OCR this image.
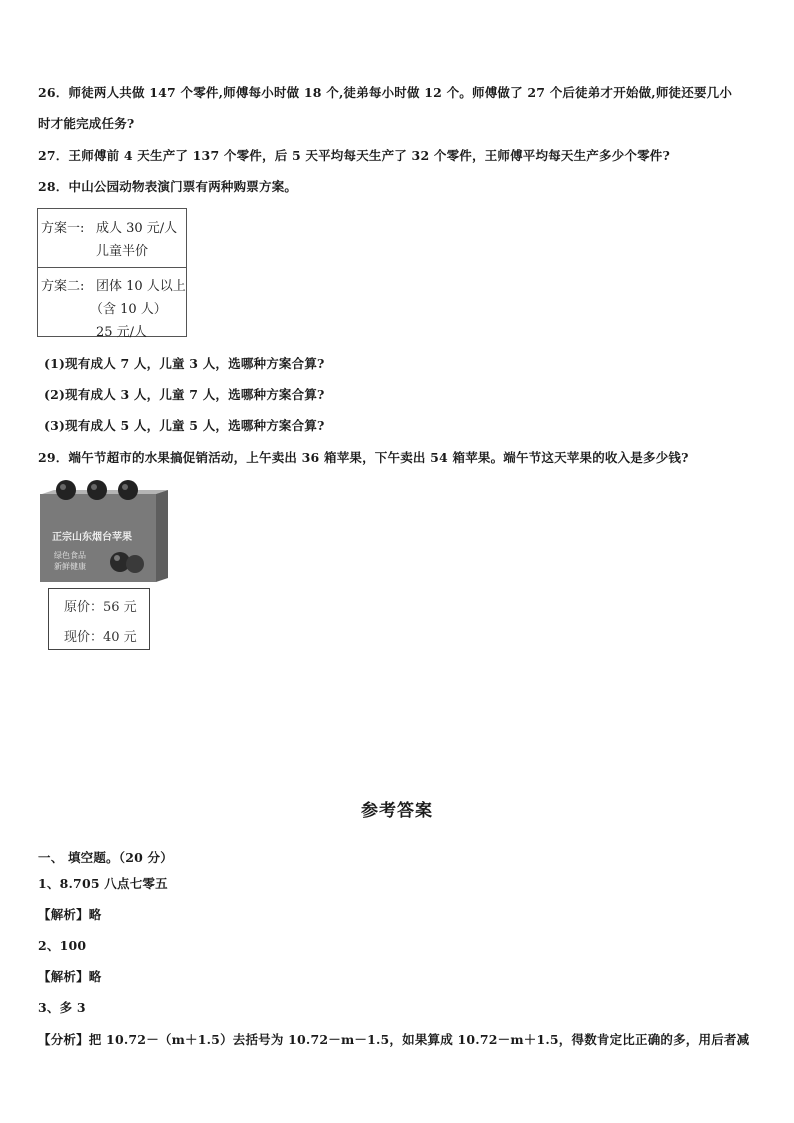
26．师徒两人共做 147 个零件,师傅每小时做 18 个,徒弟每小时做 12 个。师傅做了 27 个后徒弟才开始做,师徒还要几小
时才能完成任务?
27．王师傅前 4 天生产了 137 个零件，后 5 天平均每天生产了 32 个零件，王师傅平均每天生产多少个零件?
28．中山公园动物表演门票有两种购票方案。
方案一: 成人 30 元/人
儿童半价
方案二: 团体 10 人以上
（含 10 人）
25 元/人
(1)现有成人 7 人，儿童 3 人，选哪种方案合算?
(2)现有成人 3 人，儿童 7 人，选哪种方案合算?
(3)现有成人 5 人，儿童 5 人，选哪种方案合算?
29．端午节超市的水果搞促销活动，上午卖出 36 箱苹果，下午卖出 54 箱苹果。端午节这天苹果的收入是多少钱?
正宗山东烟台苹果
绿色食品
新鲜健康
原价：56 元
现价：40 元
参考答案
一、 填空题。（20 分）
1、8.705 八点七零五
【解析】略
2、100
【解析】略
3、多 3
【分析】把 10.72－（m＋1.5）去括号为 10.72－m－1.5，如果算成 10.72－m＋1.5，得数肯定比正确的多，用后者减
